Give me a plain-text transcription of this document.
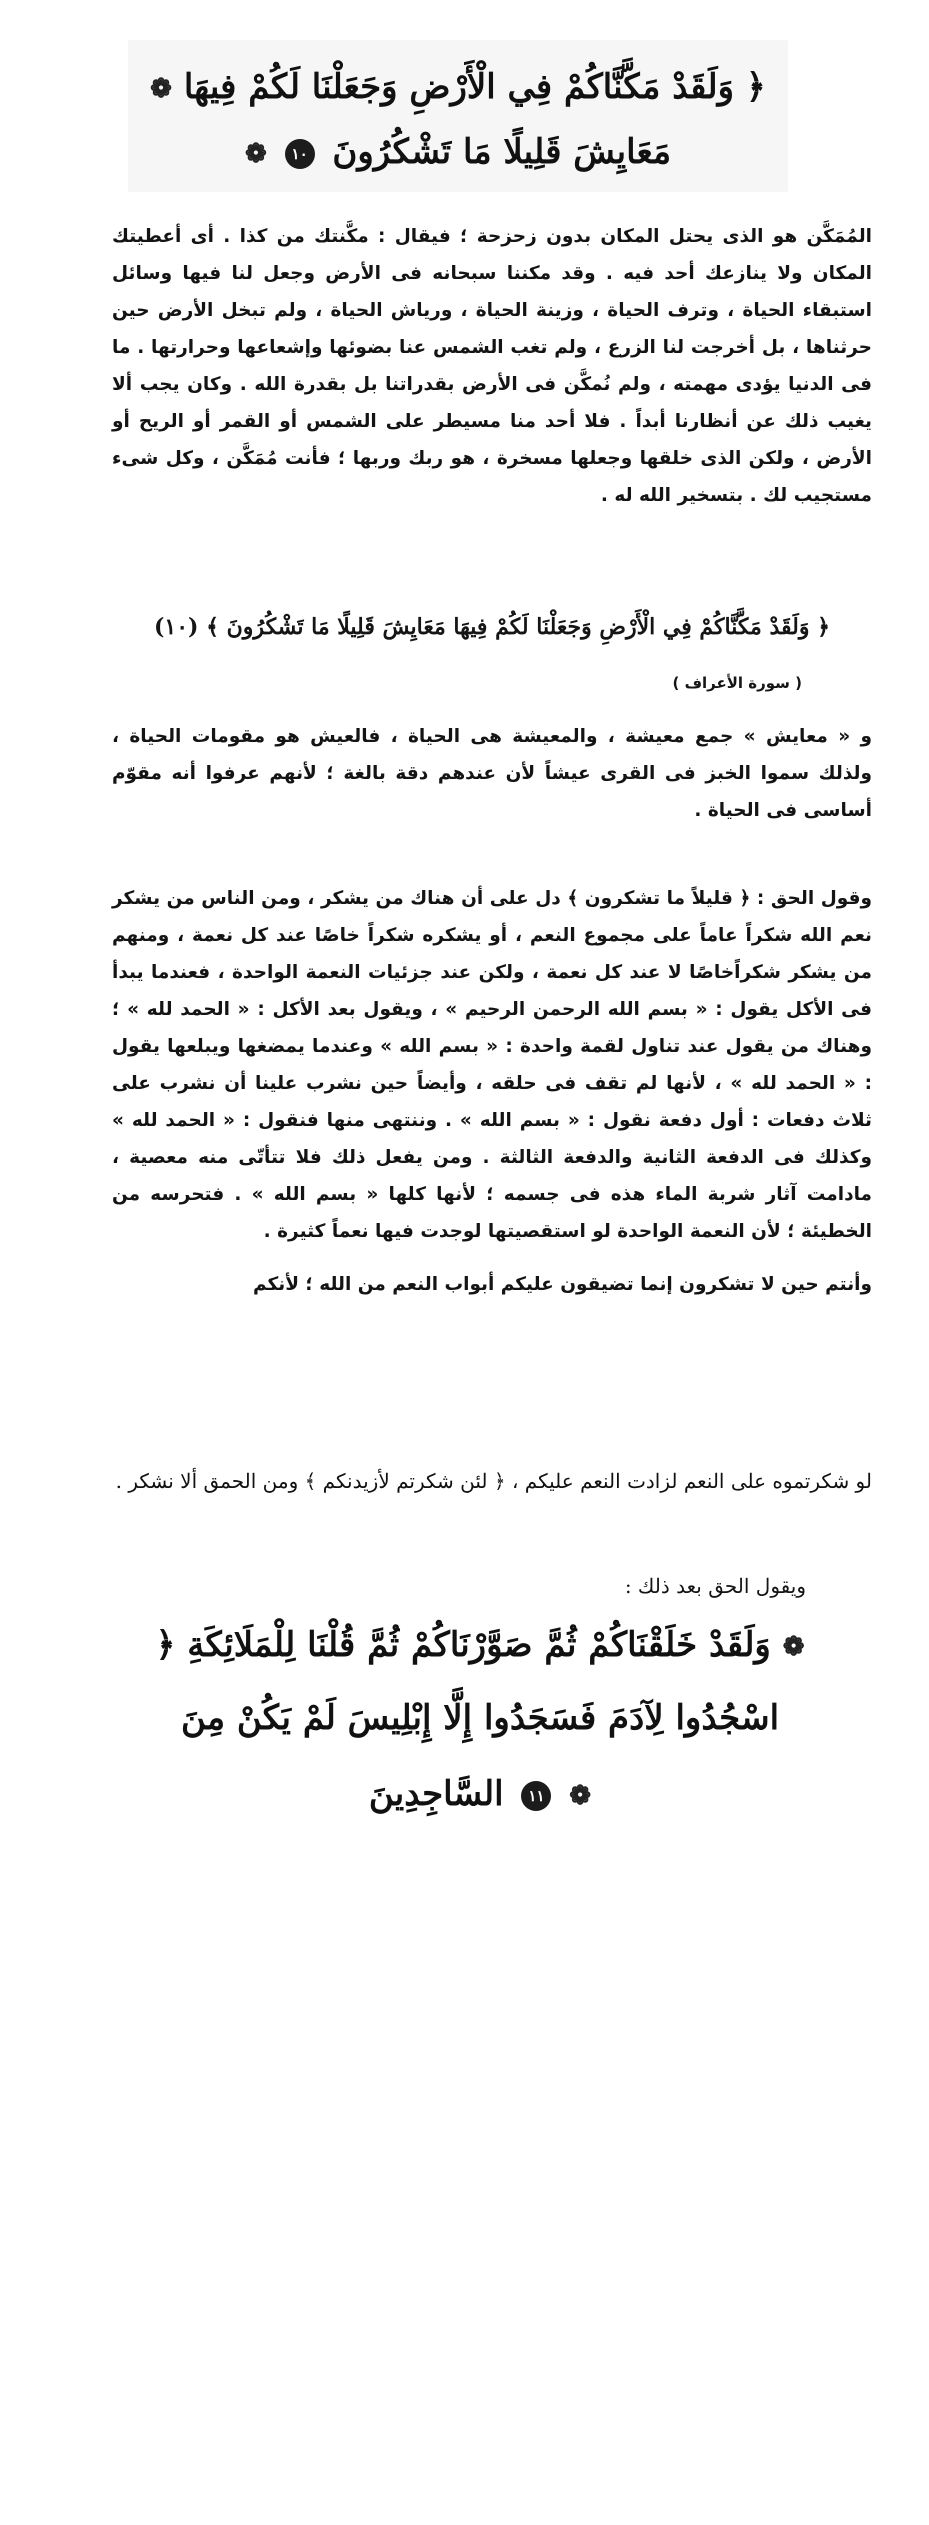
﴿ وَلَقَدْ مَكَّنَّاكُمْ فِي الْأَرْضِ وَجَعَلْنَا لَكُمْ فِيهَا ❁
مَعَايِشَ قَلِيلًا مَا تَشْكُرُونَ ١٠ ❁
المُمَكَّن هو الذى يحتل المكان بدون زحزحة ؛ فيقال : مكَّنتك من كذا . أى أعطيتك المكان ولا ينازعك أحد فيه . وقد مكننا سبحانه فى الأرض وجعل لنا فيها وسائل استبقاء الحياة ، وترف الحياة ، وزينة الحياة ، ورياش الحياة ، ولم تبخل الأرض حين حرثناها ، بل أخرجت لنا الزرع ، ولم تغب الشمس عنا بضوئها وإشعاعها وحرارتها . ما فى الدنيا يؤدى مهمته ، ولم نُمكَّن فى الأرض بقدراتنا بل بقدرة الله . وكان يجب ألا يغيب ذلك عن أنظارنا أبداً . فلا أحد منا مسيطر على الشمس أو القمر أو الريح أو الأرض ، ولكن الذى خلقها وجعلها مسخرة ، هو ربك وربها ؛ فأنت مُمَكَّن ، وكل شىء مستجيب لك . بتسخير الله له .
﴿ وَلَقَدْ مَكَّنَّاكُمْ فِي الْأَرْضِ وَجَعَلْنَا لَكُمْ فِيهَا مَعَايِشَ قَلِيلًا مَا تَشْكُرُونَ ﴾ (١٠)
( سورة الأعراف )
و « معايش » جمع معيشة ، والمعيشة هى الحياة ، فالعيش هو مقومات الحياة ، ولذلك سموا الخبز فى القرى عيشاً لأن عندهم دقة بالغة ؛ لأنهم عرفوا أنه مقوّم أساسى فى الحياة .
وقول الحق : ﴿ قليلاً ما تشكرون ﴾ دل على أن هناك من يشكر ، ومن الناس من يشكر نعم الله شكراً عاماً على مجموع النعم ، أو يشكره شكراً خاصًا عند كل نعمة ، ومنهم من يشكر شكراًخاصًا لا عند كل نعمة ، ولكن عند جزئيات النعمة الواحدة ، فعندما يبدأ فى الأكل يقول : « بسم الله الرحمن الرحيم » ، ويقول بعد الأكل : « الحمد لله » ؛ وهناك من يقول عند تناول لقمة واحدة : « بسم الله » وعندما يمضغها ويبلعها يقول : « الحمد لله » ، لأنها لم تقف فى حلقه ، وأيضاً حين نشرب علينا أن نشرب على ثلاث دفعات : أول دفعة نقول : « بسم الله » . وننتهى منها فنقول : « الحمد لله » وكذلك فى الدفعة الثانية والدفعة الثالثة . ومن يفعل ذلك فلا تتأتّى منه معصية ، مادامت آثار شربة الماء هذه فى جسمه ؛ لأنها كلها « بسم الله » . فتحرسه من الخطيئة ؛ لأن النعمة الواحدة لو استقصيتها لوجدت فيها نعماً كثيرة .
وأنتم حين لا تشكرون إنما تضيقون عليكم أبواب النعم من الله ؛ لأنكم
لو شكرتموه على النعم لزادت النعم عليكم ، ﴿ لئن شكرتم لأزيدنكم ﴾ ومن الحمق ألا نشكر .
ويقول الحق بعد ذلك :
﴿ وَلَقَدْ خَلَقْنَاكُمْ ثُمَّ صَوَّرْنَاكُمْ ثُمَّ قُلْنَا لِلْمَلَائِكَةِ ❁
اسْجُدُوا لِآدَمَ فَسَجَدُوا إِلَّا إِبْلِيسَ لَمْ يَكُنْ مِنَ
السَّاجِدِينَ ١١ ❁
